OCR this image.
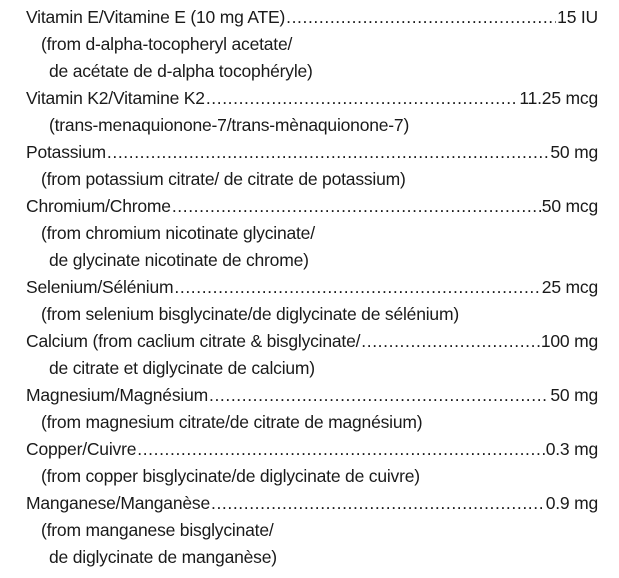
Vitamin E/Vitamine E (10 mg ATE) .....	15 IU
(from d-alpha-tocopheryl acetate/
de acétate de d-alpha tocophéryle)
Vitamin K2/Vitamine K2 .....	11.25 mcg
(trans-menaquionone-7/trans-mènaquionone-7)
Potassium .....	50 mg
(from potassium citrate/ de citrate de potassium)
Chromium/Chrome .....	50 mcg
(from chromium nicotinate glycinate/
de glycinate nicotinate de chrome)
Selenium/Sélénium .....	25 mcg
(from selenium bisglycinate/de diglycinate de sélénium)
Calcium (from caclium citrate & bisglycinate/ .....	100 mg
de citrate et diglycinate de calcium)
Magnesium/Magnésium .....	50 mg
(from magnesium citrate/de citrate de magnésium)
Copper/Cuivre .....	0.3 mg
(from copper bisglycinate/de diglycinate de cuivre)
Manganese/Manganèse .....	0.9 mg
(from manganese bisglycinate/
de diglycinate de manganèse)
